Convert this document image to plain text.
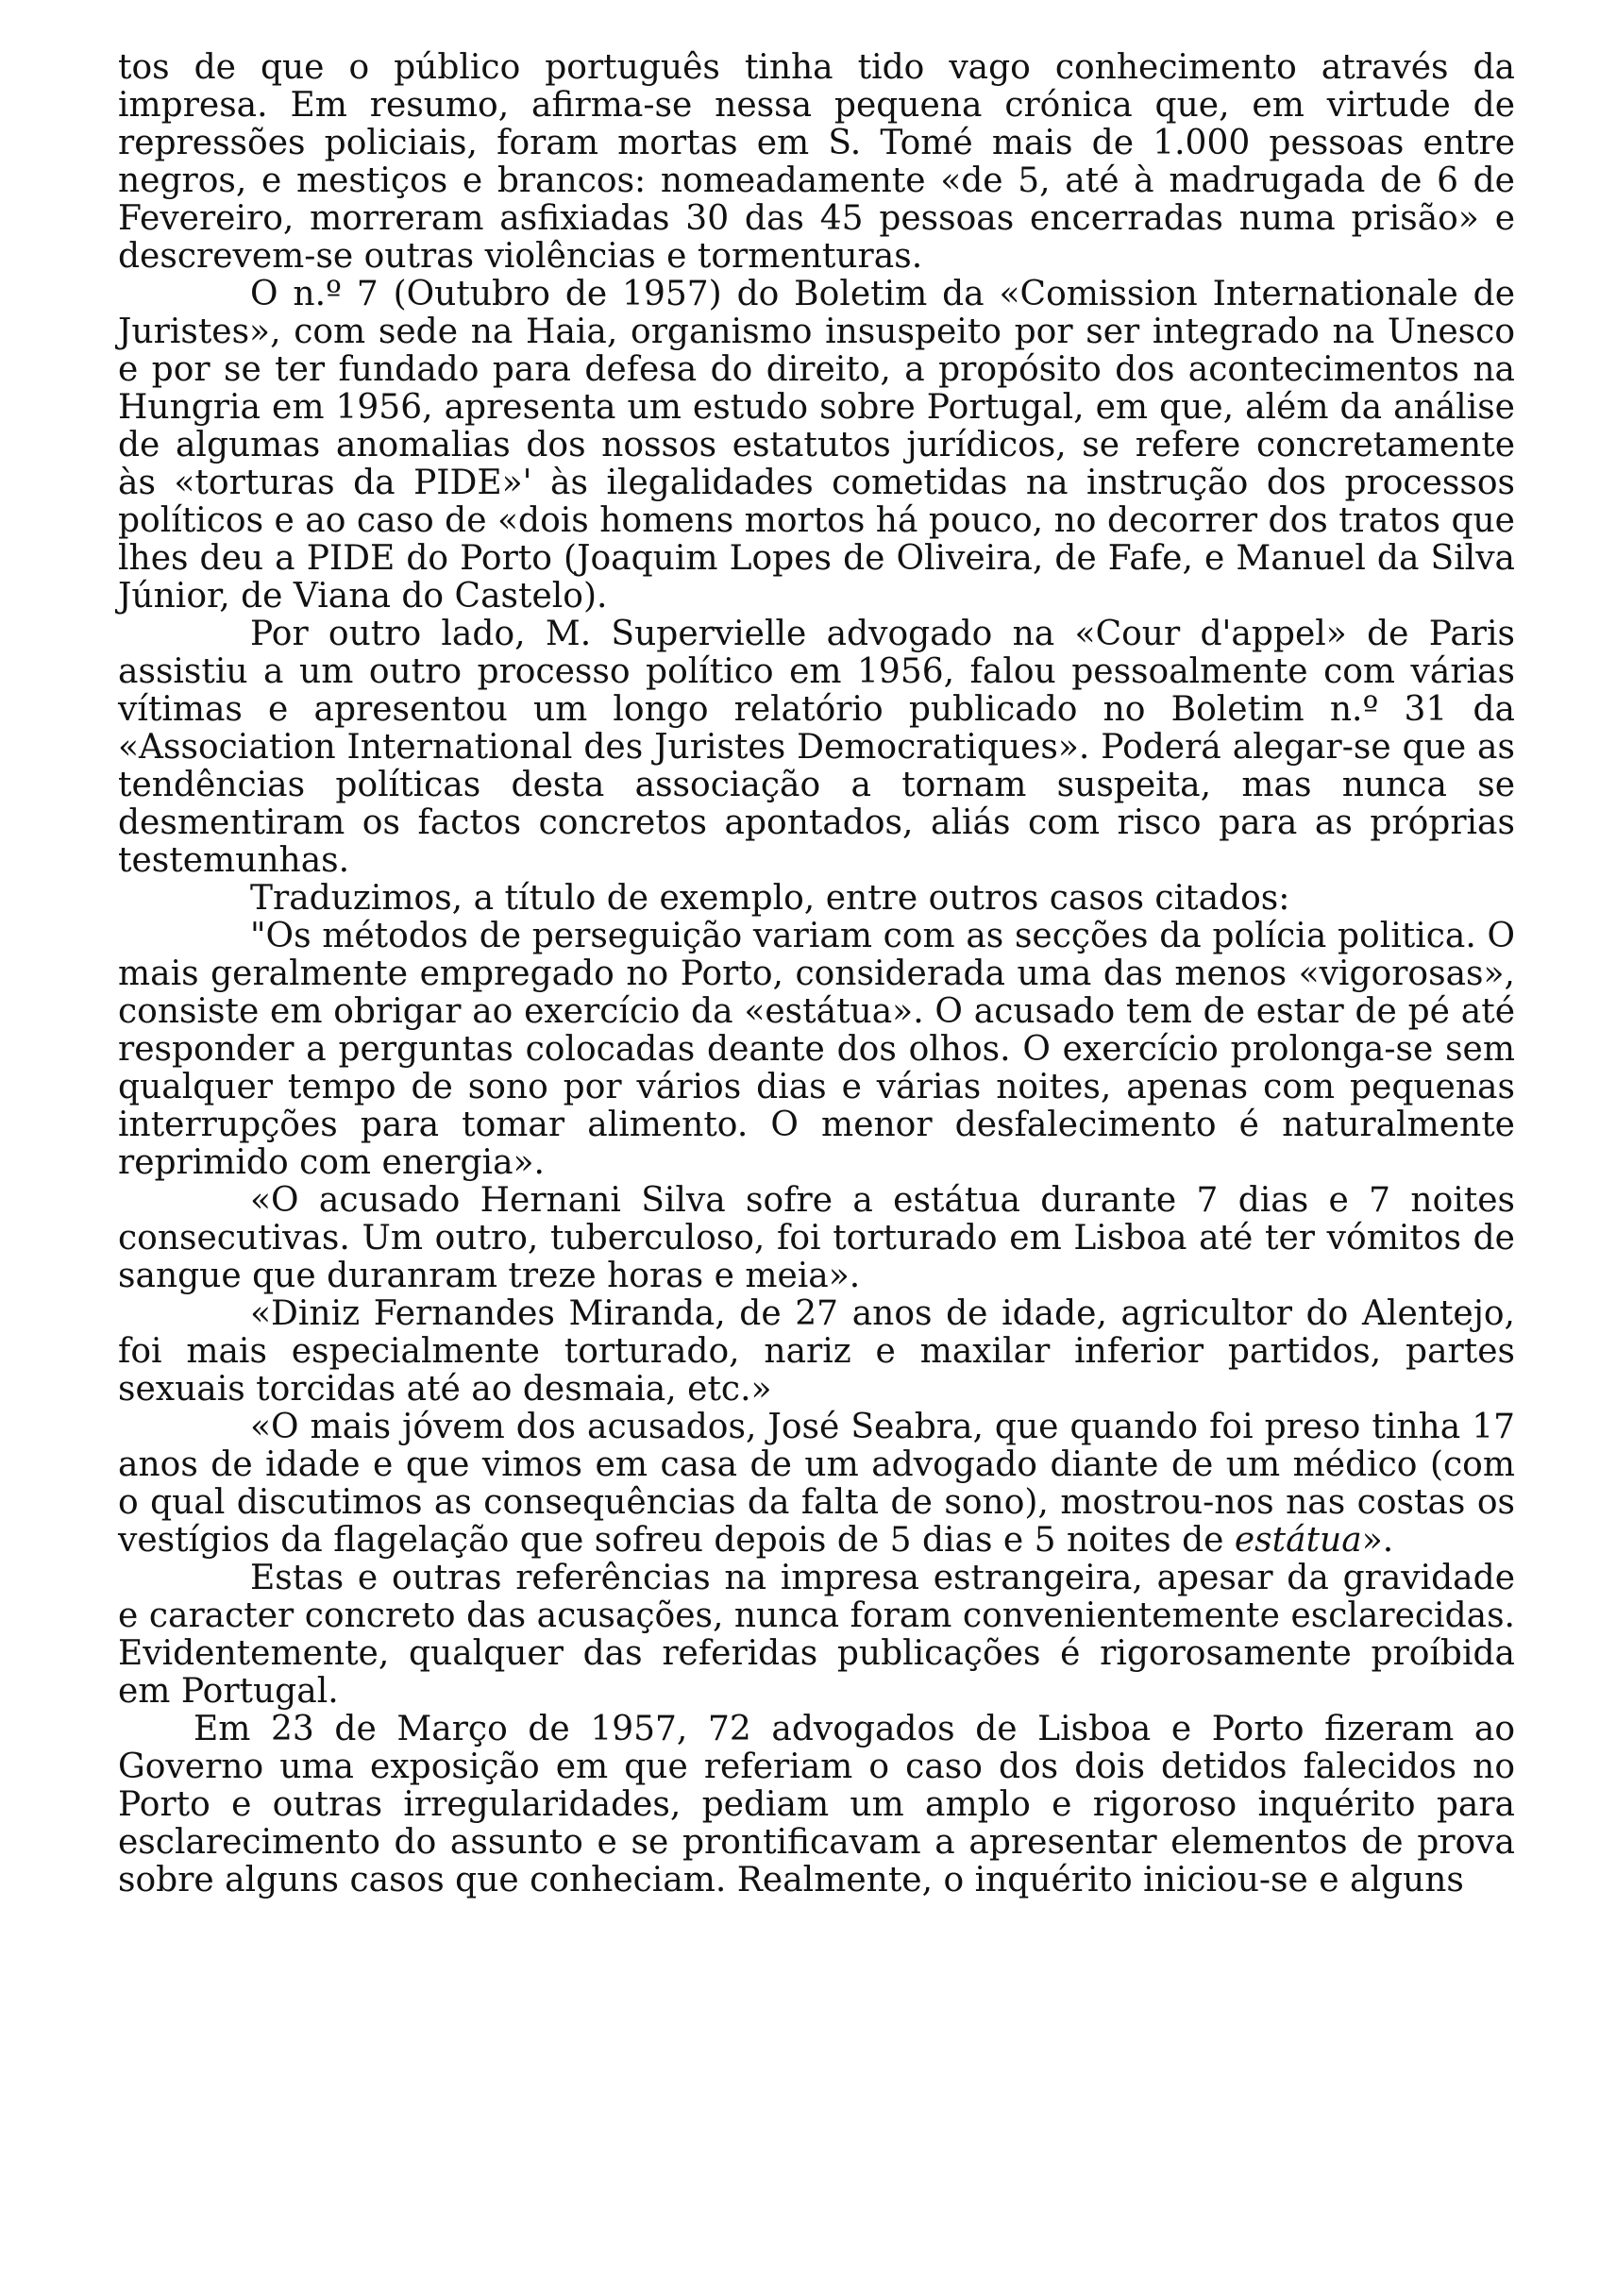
tos de que o público português tinha tido vago conhecimento através da impresa. Em resumo, afirma-se nessa pequena crónica que, em virtude de repressões policiais, foram mortas em S. Tomé mais de 1.000 pessoas entre negros, e mestiços e brancos: nomeadamente «de 5, até à madrugada de 6 de Fevereiro, morreram asfixiadas 30 das 45 pessoas encerradas numa prisão» e descrevem-se outras violências e tormenturas.

O n.º 7 (Outubro de 1957) do Boletim da «Comission Internationale de Juristes», com sede na Haia, organismo insuspeito por ser integrado na Unesco e por se ter fundado para defesa do direito, a propósito dos acontecimentos na Hungria em 1956, apresenta um estudo sobre Portugal, em que, além da análise de algumas anomalias dos nossos estatutos jurídicos, se refere concretamente às «torturas da PIDE»' às ilegalidades cometidas na instrução dos processos políticos e ao caso de «dois homens mortos há pouco, no decorrer dos tratos que lhes deu a PIDE do Porto (Joaquim Lopes de Oliveira, de Fafe, e Manuel da Silva Júnior, de Viana do Castelo).

Por outro lado, M. Supervielle advogado na «Cour d'appel» de Paris assistiu a um outro processo político em 1956, falou pessoalmente com várias vítimas e apresentou um longo relatório publicado no Boletim n.º 31 da «Association International des Juristes Democratiques». Poderá alegar-se que as tendências políticas desta associação a tornam suspeita, mas nunca se desmentiram os factos concretos apontados, aliás com risco para as próprias testemunhas.

Traduzimos, a título de exemplo, entre outros casos citados:

"Os métodos de perseguição variam com as secções da polícia politica. O mais geralmente empregado no Porto, considerada uma das menos «vigorosas», consiste em obrigar ao exercício da «estátua». O acusado tem de estar de pé até responder a perguntas colocadas deante dos olhos. O exercício prolonga-se sem qualquer tempo de sono por vários dias e várias noites, apenas com pequenas interrupções para tomar alimento. O menor desfalecimento é naturalmente reprimido com energia».

«O acusado Hernani Silva sofre a estátua durante 7 dias e 7 noites consecutivas. Um outro, tuberculoso, foi torturado em Lisboa até ter vómitos de sangue que duranram treze horas e meia».

«Diniz Fernandes Miranda, de 27 anos de idade, agricultor do Alentejo, foi mais especialmente torturado, nariz e maxilar inferior partidos, partes sexuais torcidas até ao desmaia, etc.»

«O mais jóvem dos acusados, José Seabra, que quando foi preso tinha 17 anos de idade e que vimos em casa de um advogado diante de um médico (com o qual discutimos as consequências da falta de sono), mostrou-nos nas costas os vestígios da flagelação que sofreu depois de 5 dias e 5 noites de estátua».

Estas e outras referências na impresa estrangeira, apesar da gravidade e caracter concreto das acusações, nunca foram convenientemente esclarecidas. Evidentemente, qualquer das referidas publicações é rigorosamente proíbida em Portugal.

Em 23 de Março de 1957, 72 advogados de Lisboa e Porto fizeram ao Governo uma exposição em que referiam o caso dos dois detidos falecidos no Porto e outras irregularidades, pediam um amplo e rigoroso inquérito para esclarecimento do assunto e se prontificavam a apresentar elementos de prova sobre alguns casos que conheciam. Realmente, o inquérito iniciou-se e alguns
